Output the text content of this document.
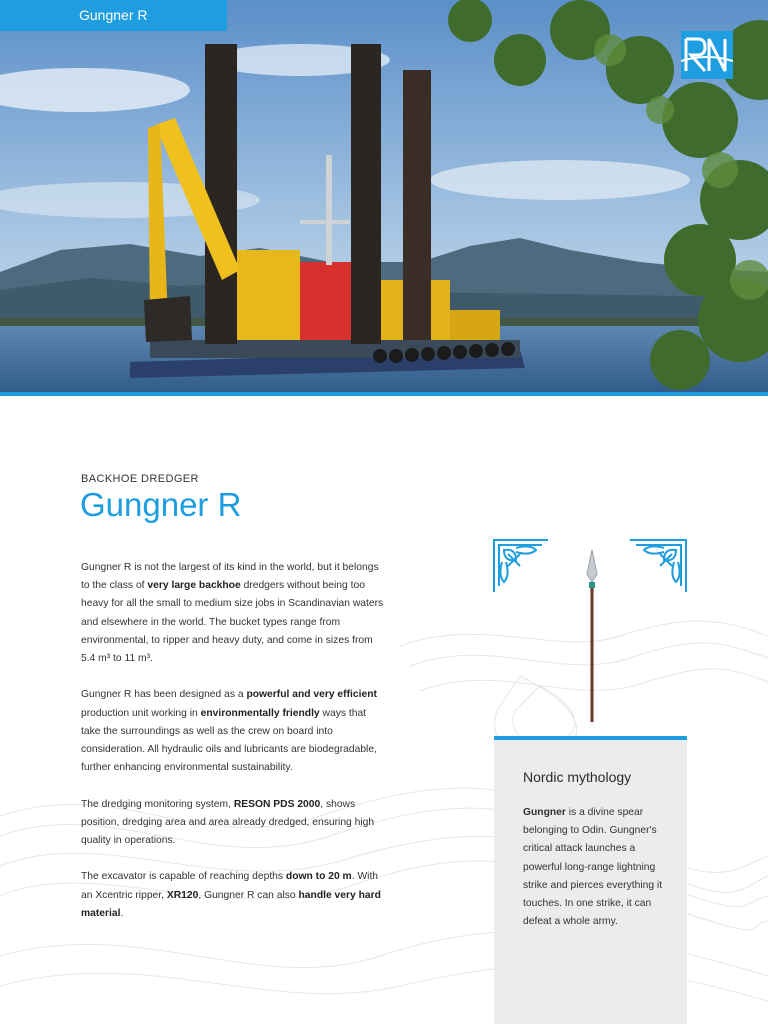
Gungner R
BACKHOE DREDGER
Gungner R

Gungner R is not the largest of its kind in the world, but it belongs to the class of very large backhoe dredgers without being too heavy for all the small to medium size jobs in Scandinavian waters and elsewhere in the world. The bucket types range from environmental, to ripper and heavy duty, and come in sizes from 5.4 m³ to 11 m³.

Gungner R has been designed as a powerful and very efficient production unit working in environmentally friendly ways that take the surroundings as well as the crew on board into consideration. All hydraulic oils and lubricants are biodegradable, further enhancing environmental sustainability.

The dredging monitoring system, RESON PDS 2000, shows position, dredging area and area already dredged, ensuring high quality in operations.

The excavator is capable of reaching depths down to 20 m. With an Xcentric ripper, XR120, Gungner R can also handle very hard material.

Nordic mythology
Gungner is a divine spear belonging to Odin. Gungner's critical attack launches a powerful long-range lightning strike and pierces everything it touches. In one strike, it can defeat a whole army.
